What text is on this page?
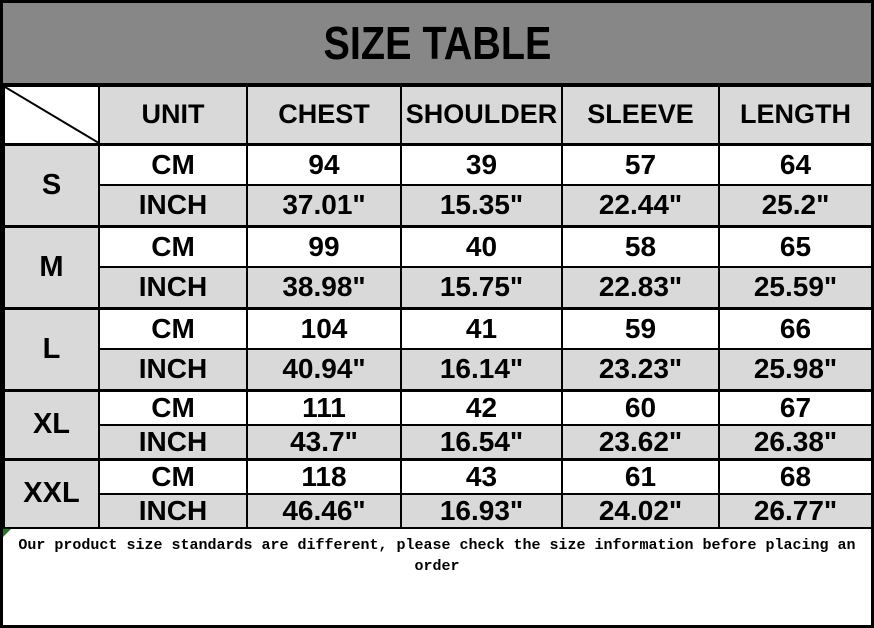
SIZE TABLE
	UNIT	CHEST	SHOULDER	SLEEVE	LENGTH
S	CM	94	39	57	64
	INCH	37.01"	15.35"	22.44"	25.2"
M	CM	99	40	58	65
	INCH	38.98"	15.75"	22.83"	25.59"
L	CM	104	41	59	66
	INCH	40.94"	16.14"	23.23"	25.98"
XL	CM	111	42	60	67
	INCH	43.7"	16.54"	23.62"	26.38"
XXL	CM	118	43	61	68
	INCH	46.46"	16.93"	24.02"	26.77"
Our product size standards are different, please check the size information before placing an order
